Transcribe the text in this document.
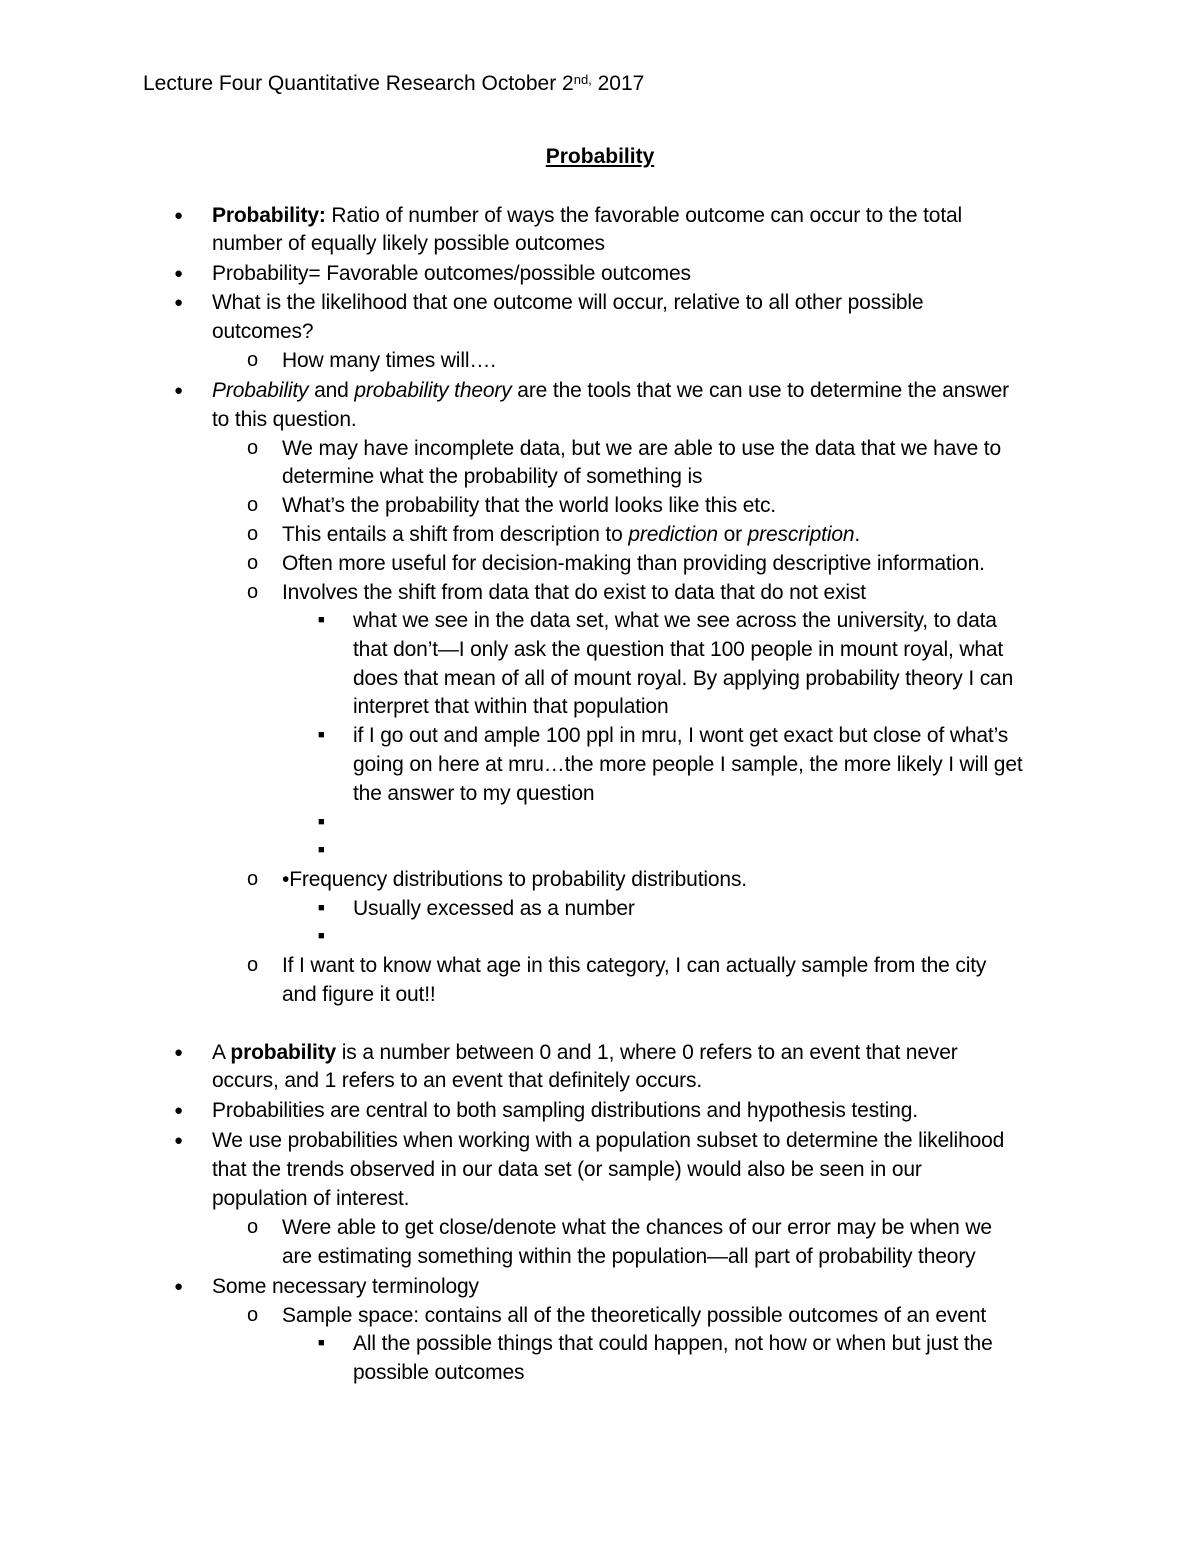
Lecture Four Quantitative Research October $2^{nd,}$ 2017
Probability
● Probability: Ratio of number of ways the favorable outcome can occur to the total
number of equally likely possible outcomes
● Probability= Favorable outcomes/possible outcomes
● What is the likelihood that one outcome will occur, relative to all other possible
outcomes?
o How many times will….
● Probability and probability theory are the tools that we can use to determine the answer
to this question.
o We may have incomplete data, but we are able to use the data that we have to
determine what the probability of something is
o What’s the probability that the world looks like this etc.
o This entails a shift from description to prediction or prescription.
o Often more useful for decision-making than providing descriptive information.
o Involves the shift from data that do exist to data that do not exist
■ what we see in the data set, what we see across the university, to data
that don’t—I only ask the question that 100 people in mount royal, what
does that mean of all of mount royal. By applying probability theory I can
interpret that within that population
■ if I go out and ample 100 ppl in mru, I wont get exact but close of what’s
going on here at mru…the more people I sample, the more likely I will get
the answer to my question
■
■
o •Frequency distributions to probability distributions.
■ Usually excessed as a number
■
o If I want to know what age in this category, I can actually sample from the city
and figure it out!!
● A probability is a number between 0 and 1, where 0 refers to an event that never
occurs, and 1 refers to an event that definitely occurs.
● Probabilities are central to both sampling distributions and hypothesis testing.
● We use probabilities when working with a population subset to determine the likelihood
that the trends observed in our data set (or sample) would also be seen in our
population of interest.
o Were able to get close/denote what the chances of our error may be when we
are estimating something within the population—all part of probability theory
● Some necessary terminology
o Sample space: contains all of the theoretically possible outcomes of an event
■ All the possible things that could happen, not how or when but just the
possible outcomes
